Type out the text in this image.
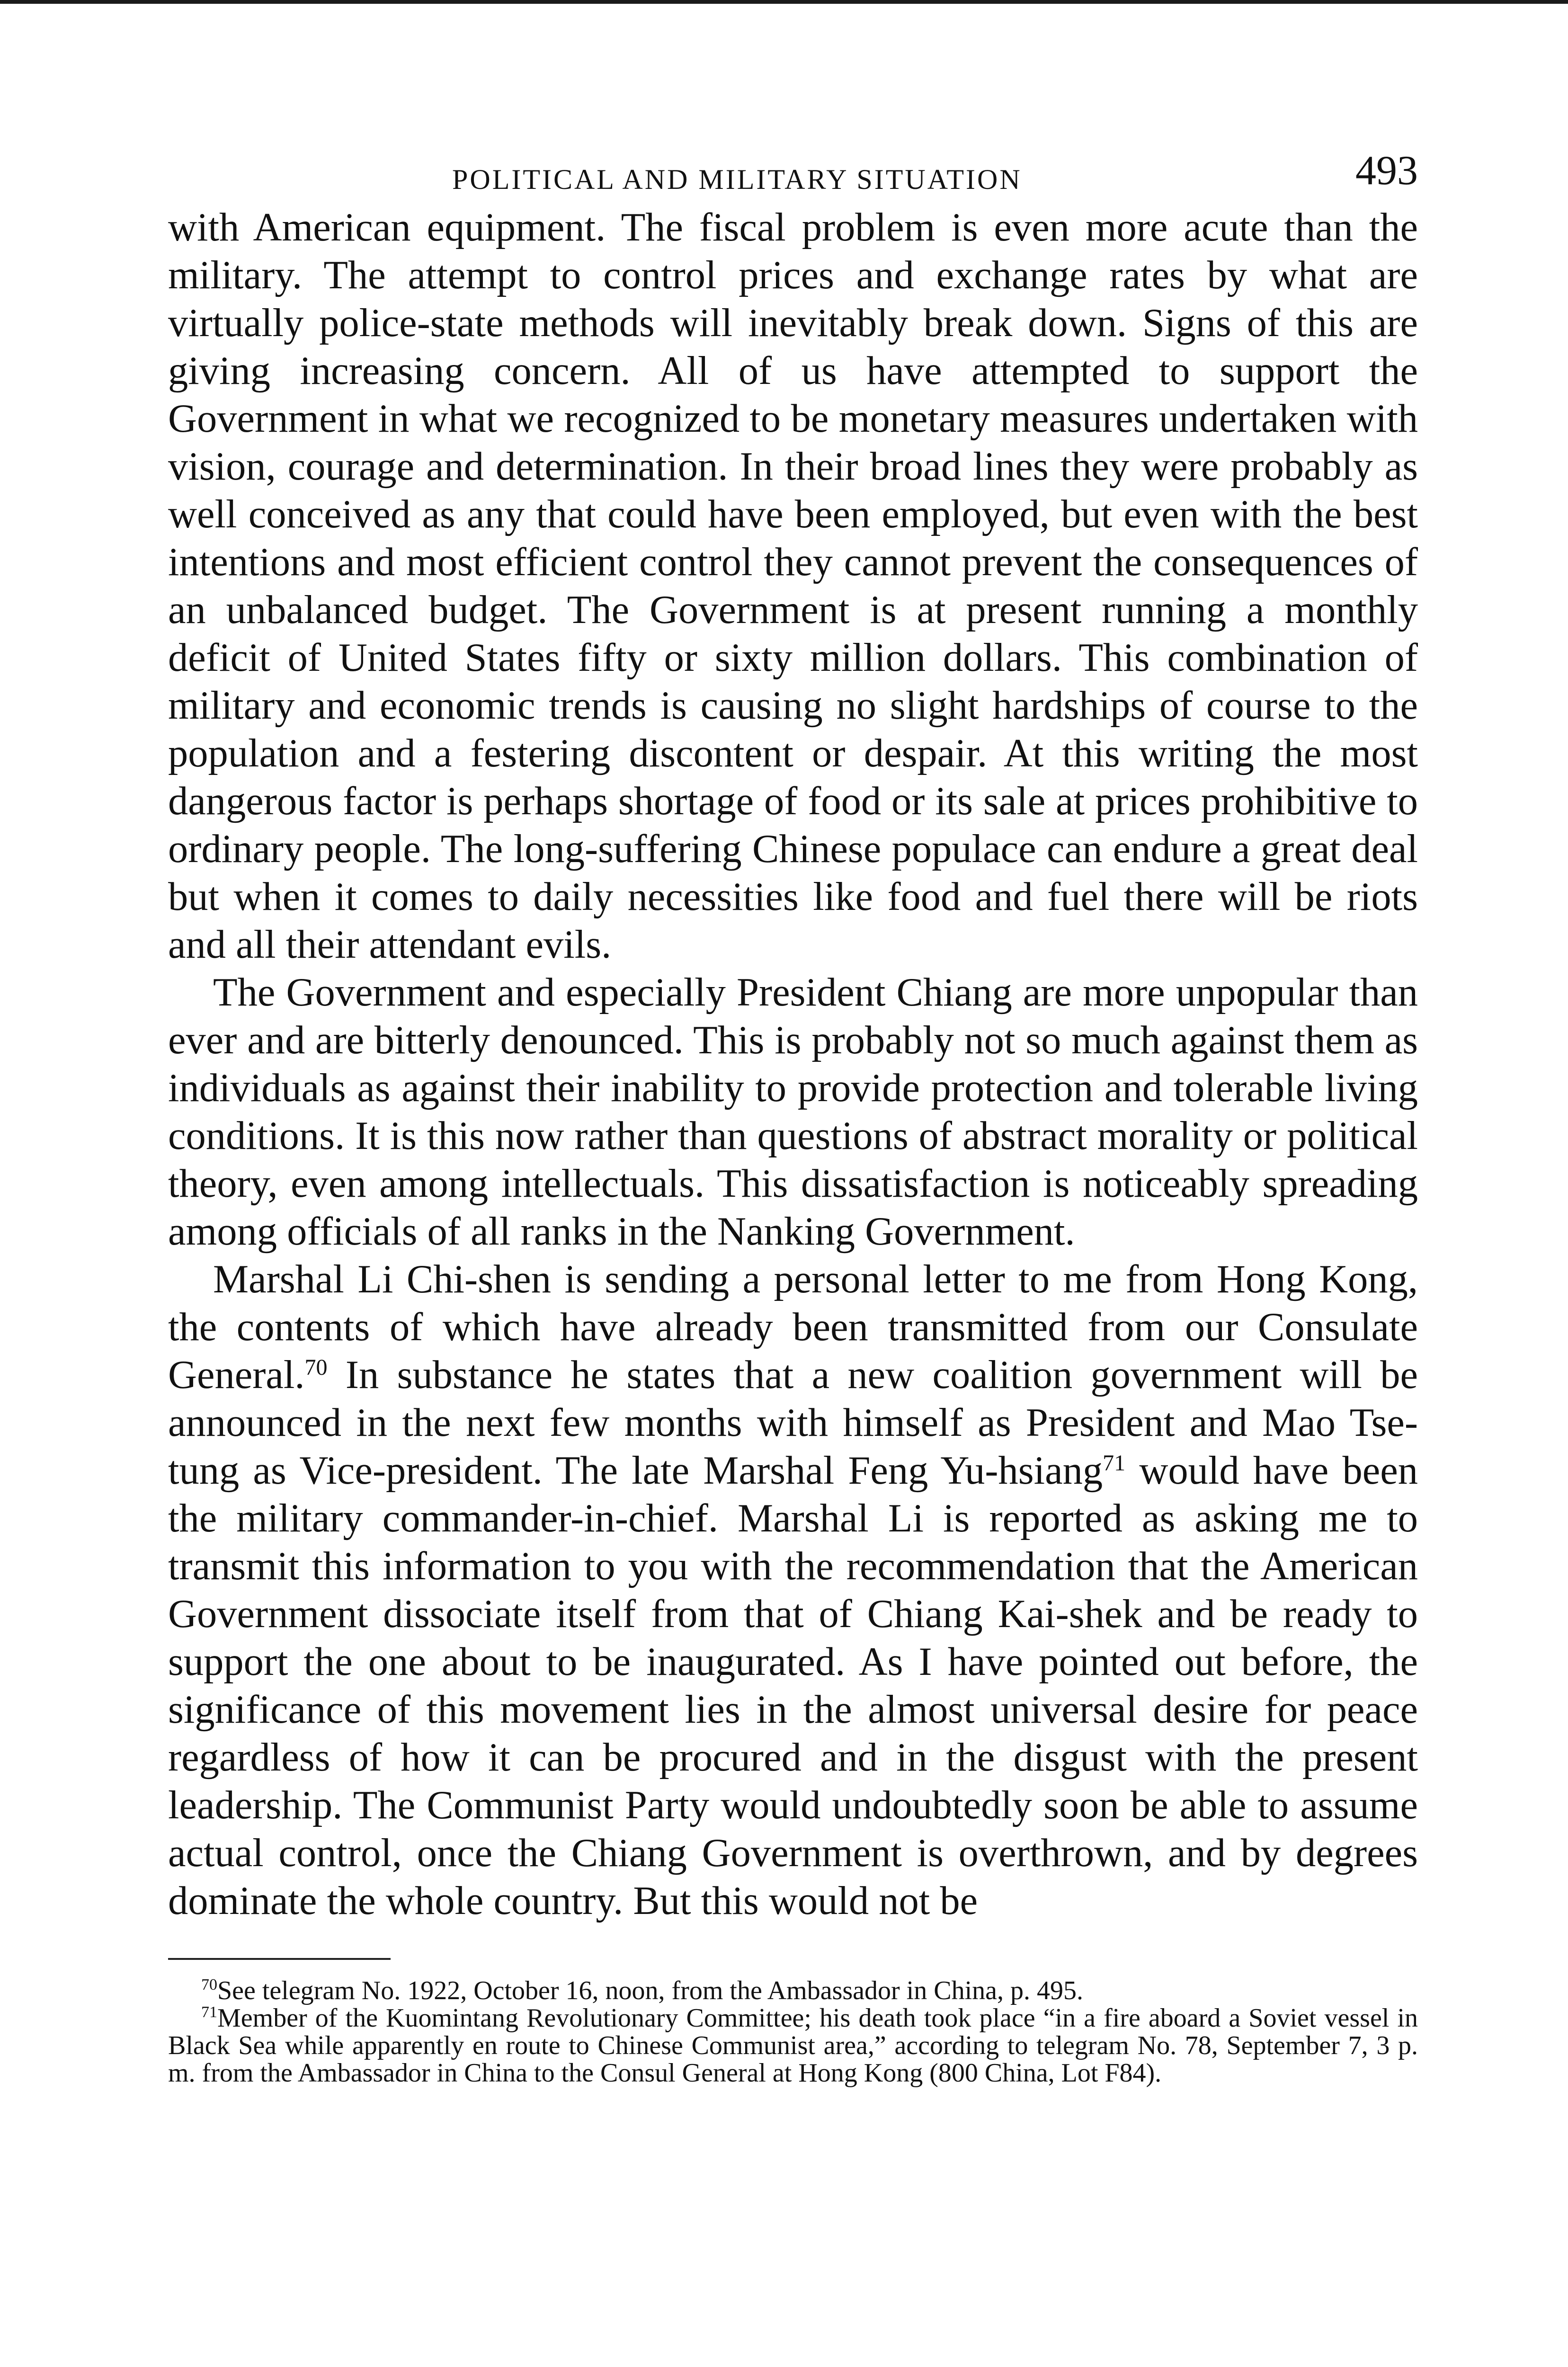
POLITICAL AND MILITARY SITUATION	493

with American equipment. The fiscal problem is even more acute than the military. The attempt to control prices and exchange rates by what are virtually police-state methods will inevitably break down. Signs of this are giving increasing concern. All of us have attempted to support the Government in what we recognized to be monetary measures undertaken with vision, courage and determination. In their broad lines they were probably as well conceived as any that could have been employed, but even with the best intentions and most efficient control they cannot prevent the consequences of an unbalanced budget. The Government is at present running a monthly deficit of United States fifty or sixty million dollars. This combination of military and economic trends is causing no slight hardships of course to the population and a festering discontent or despair. At this writing the most dangerous factor is perhaps shortage of food or its sale at prices prohibitive to ordinary people. The long-suffering Chinese populace can endure a great deal but when it comes to daily necessities like food and fuel there will be riots and all their attendant evils.

The Government and especially President Chiang are more unpopular than ever and are bitterly denounced. This is probably not so much against them as individuals as against their inability to provide protection and tolerable living conditions. It is this now rather than questions of abstract morality or political theory, even among intellectuals. This dissatisfaction is noticeably spreading among officials of all ranks in the Nanking Government.

Marshal Li Chi-shen is sending a personal letter to me from Hong Kong, the contents of which have already been transmitted from our Consulate General.$^{70}$ In substance he states that a new coalition government will be announced in the next few months with himself as President and Mao Tse-tung as Vice-president. The late Marshal Feng Yu-hsiang$^{71}$ would have been the military commander-in-chief. Marshal Li is reported as asking me to transmit this information to you with the recommendation that the American Government dissociate itself from that of Chiang Kai-shek and be ready to support the one about to be inaugurated. As I have pointed out before, the significance of this movement lies in the almost universal desire for peace regardless of how it can be procured and in the disgust with the present leadership. The Communist Party would undoubtedly soon be able to assume actual control, once the Chiang Government is overthrown, and by degrees dominate the whole country. But this would not be

$^{70}$See telegram No. 1922, October 16, noon, from the Ambassador in China, p. 495.

$^{71}$Member of the Kuomintang Revolutionary Committee; his death took place “in a fire aboard a Soviet vessel in Black Sea while apparently en route to Chinese Communist area,” according to telegram No. 78, September 7, 3 p. m. from the Ambassador in China to the Consul General at Hong Kong (800 China, Lot F84).
